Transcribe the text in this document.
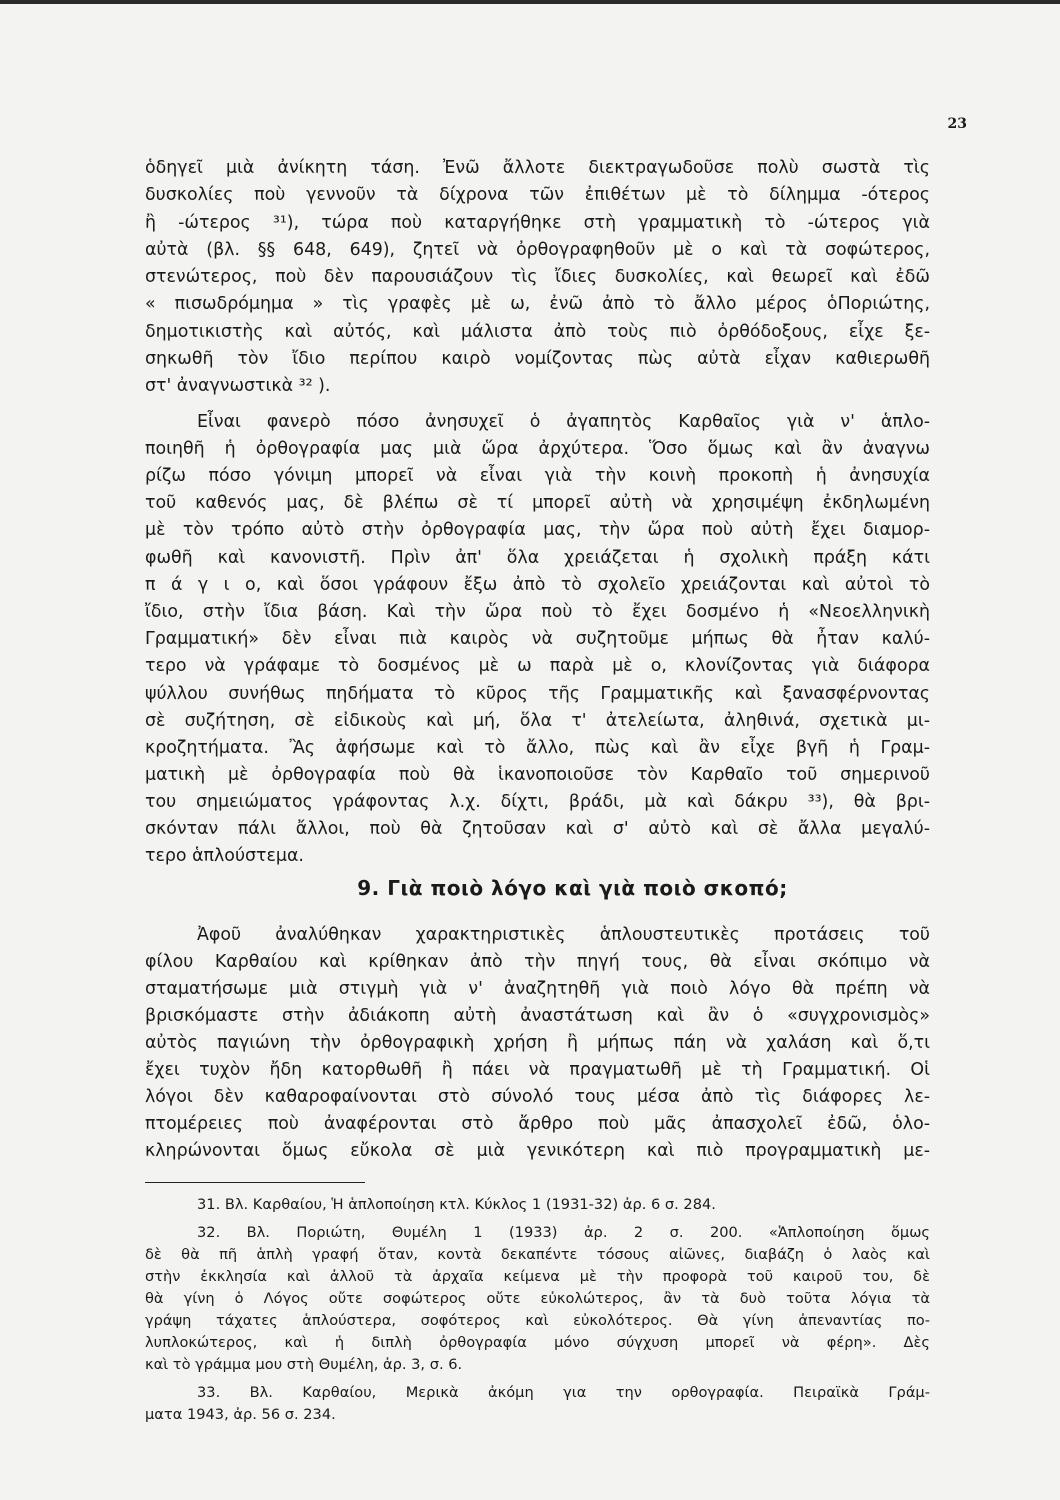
23
ὁδηγεῖ μιὰ ἀνίκητη τάση. Ἐνῶ ἄλλοτε διεκτραγωδοῦσε πολὺ σωστὰ τὶς
δυσκολίες ποὺ γεννοῦν τὰ δίχρονα τῶν ἐπιθέτων μὲ τὸ δίλημμα -ότερος
ἢ -ώτερος ³¹), τώρα ποὺ καταργήθηκε στὴ γραμματικὴ τὸ -ώτερος γιὰ
αὐτὰ (βλ. §§ 648, 649), ζητεῖ νὰ ὀρθογραφηθοῦν μὲ ο καὶ τὰ σοφώτερος,
στενώτερος, ποὺ δὲν παρουσιάζουν τὶς ἴδιες δυσκολίες, καὶ θεωρεῖ καὶ ἐδῶ
« πισωδρόμημα » τὶς γραφὲς μὲ ω, ἐνῶ ἀπὸ τὸ ἄλλο μέρος ὁΠοριώτης,
δημοτικιστὴς καὶ αὐτός, καὶ μάλιστα ἀπὸ τοὺς πιὸ ὀρθόδοξους, εἶχε ξε-
σηκωθῆ τὸν ἴδιο περίπου καιρὸ νομίζοντας πὼς αὐτὰ εἶχαν καθιερωθῆ
στ' ἀναγνωστικὰ ³² ).
Εἶναι φανερὸ πόσο ἀνησυχεῖ ὁ ἀγαπητὸς Καρθαῖος γιὰ ν' ἁπλο-
ποιηθῆ ἡ ὀρθογραφία μας μιὰ ὥρα ἀρχύτερα. Ὅσο ὅμως καὶ ἂν ἀναγνω
ρίζω πόσο γόνιμη μπορεῖ νὰ εἶναι γιὰ τὴν κοινὴ προκοπὴ ἡ ἀνησυχία
τοῦ καθενός μας, δὲ βλέπω σὲ τί μπορεῖ αὐτὴ νὰ χρησιμέψη ἐκδηλωμένη
μὲ τὸν τρόπο αὐτὸ στὴν ὀρθογραφία μας, τὴν ὥρα ποὺ αὐτὴ ἔχει διαμορ-
φωθῆ καὶ κανονιστῆ. Πρὶν ἀπ' ὅλα χρειάζεται ἡ σχολικὴ πράξη κάτι
π ά γ ι ο, καὶ ὅσοι γράφουν ἔξω ἀπὸ τὸ σχολεῖο χρειάζονται καὶ αὐτοὶ τὸ
ἴδιο, στὴν ἴδια βάση. Καὶ τὴν ὥρα ποὺ τὸ ἔχει δοσμένο ἡ «Νεοελληνικὴ
Γραμματική» δὲν εἶναι πιὰ καιρὸς νὰ συζητοῦμε μήπως θὰ ἦταν καλύ-
τερο νὰ γράφαμε τὸ δοσμένος μὲ ω παρὰ μὲ ο, κλονίζοντας γιὰ διάφορα
ψύλλου συνήθως πηδήματα τὸ κῦρος τῆς Γραμματικῆς καὶ ξανασφέρνοντας
σὲ συζήτηση, σὲ εἰδικοὺς καὶ μή, ὅλα τ' ἀτελείωτα, ἀληθινά, σχετικὰ μι-
κροζητήματα. Ἂς ἀφήσωμε καὶ τὸ ἄλλο, πὼς καὶ ἂν εἶχε βγῆ ἡ Γραμ-
ματικὴ μὲ ὀρθογραφία ποὺ θὰ ἱκανοποιοῦσε τὸν Καρθαῖο τοῦ σημερινοῦ
του σημειώματος γράφοντας λ.χ. δίχτι, βράδι, μὰ καὶ δάκρυ ³³), θὰ βρι-
σκόνταν πάλι ἄλλοι, ποὺ θὰ ζητοῦσαν καὶ σ' αὐτὸ καὶ σὲ ἄλλα μεγαλύ-
τερο ἁπλούστεμα.
9. Γιὰ ποιὸ λόγο καὶ γιὰ ποιὸ σκοπό;
Ἀφοῦ ἀναλύθηκαν χαρακτηριστικὲς ἁπλουστευτικὲς προτάσεις τοῦ
φίλου Καρθαίου καὶ κρίθηκαν ἀπὸ τὴν πηγή τους, θὰ εἶναι σκόπιμο νὰ
σταματήσωμε μιὰ στιγμὴ γιὰ ν' ἀναζητηθῆ γιὰ ποιὸ λόγο θὰ πρέπη νὰ
βρισκόμαστε στὴν ἀδιάκοπη αὐτὴ ἀναστάτωση καὶ ἂν ὁ «συγχρονισμὸς»
αὐτὸς παγιώνη τὴν ὀρθογραφικὴ χρήση ἢ μήπως πάη νὰ χαλάση καὶ ὅ,τι
ἔχει τυχὸν ἤδη κατορθωθῆ ἢ πάει νὰ πραγματωθῆ μὲ τὴ Γραμματική. Οἱ
λόγοι δὲν καθαροφαίνονται στὸ σύνολό τους μέσα ἀπὸ τὶς διάφορες λε-
πτομέρειες ποὺ ἀναφέρονται στὸ ἄρθρο ποὺ μᾶς ἀπασχολεῖ ἐδῶ, ὁλο-
κληρώνονται ὅμως εὔκολα σὲ μιὰ γενικότερη καὶ πιὸ προγραμματικὴ με-
31. Βλ. Καρθαίου, Ἡ ἁπλοποίηση κτλ. Κύκλος 1 (1931-32) ἀρ. 6 σ. 284.
32. Βλ. Ποριώτη, Θυμέλη 1 (1933) ἀρ. 2 σ. 200. «Ἁπλοποίηση ὅμως
δὲ θὰ πῆ ἁπλὴ γραφή ὅταν, κοντὰ δεκαπέντε τόσους αἰῶνες, διαβάζη ὁ λαὸς καὶ
στὴν ἐκκλησία καὶ ἀλλοῦ τὰ ἀρχαῖα κείμενα μὲ τὴν προφορὰ τοῦ καιροῦ του, δὲ
θὰ γίνη ὁ Λόγος οὔτε σοφώτερος οὔτε εὐκολώτερος, ἂν τὰ δυὸ τοῦτα λόγια τὰ
γράψη τάχατες ἁπλούστερα, σοφότερος καὶ εὐκολότερος. Θὰ γίνη ἀπεναντίας πο-
λυπλοκώτερος, καὶ ἡ διπλὴ ὀρθογραφία μόνο σύγχυση μπορεῖ νὰ φέρη». Δὲς
καὶ τὸ γράμμα μου στὴ Θυμέλη, ἀρ. 3, σ. 6.
33. Βλ. Καρθαίου, Μερικὰ ἀκόμη για την ορθογραφία. Πειραϊκὰ Γράμ-
ματα 1943, ἀρ. 56 σ. 234.
